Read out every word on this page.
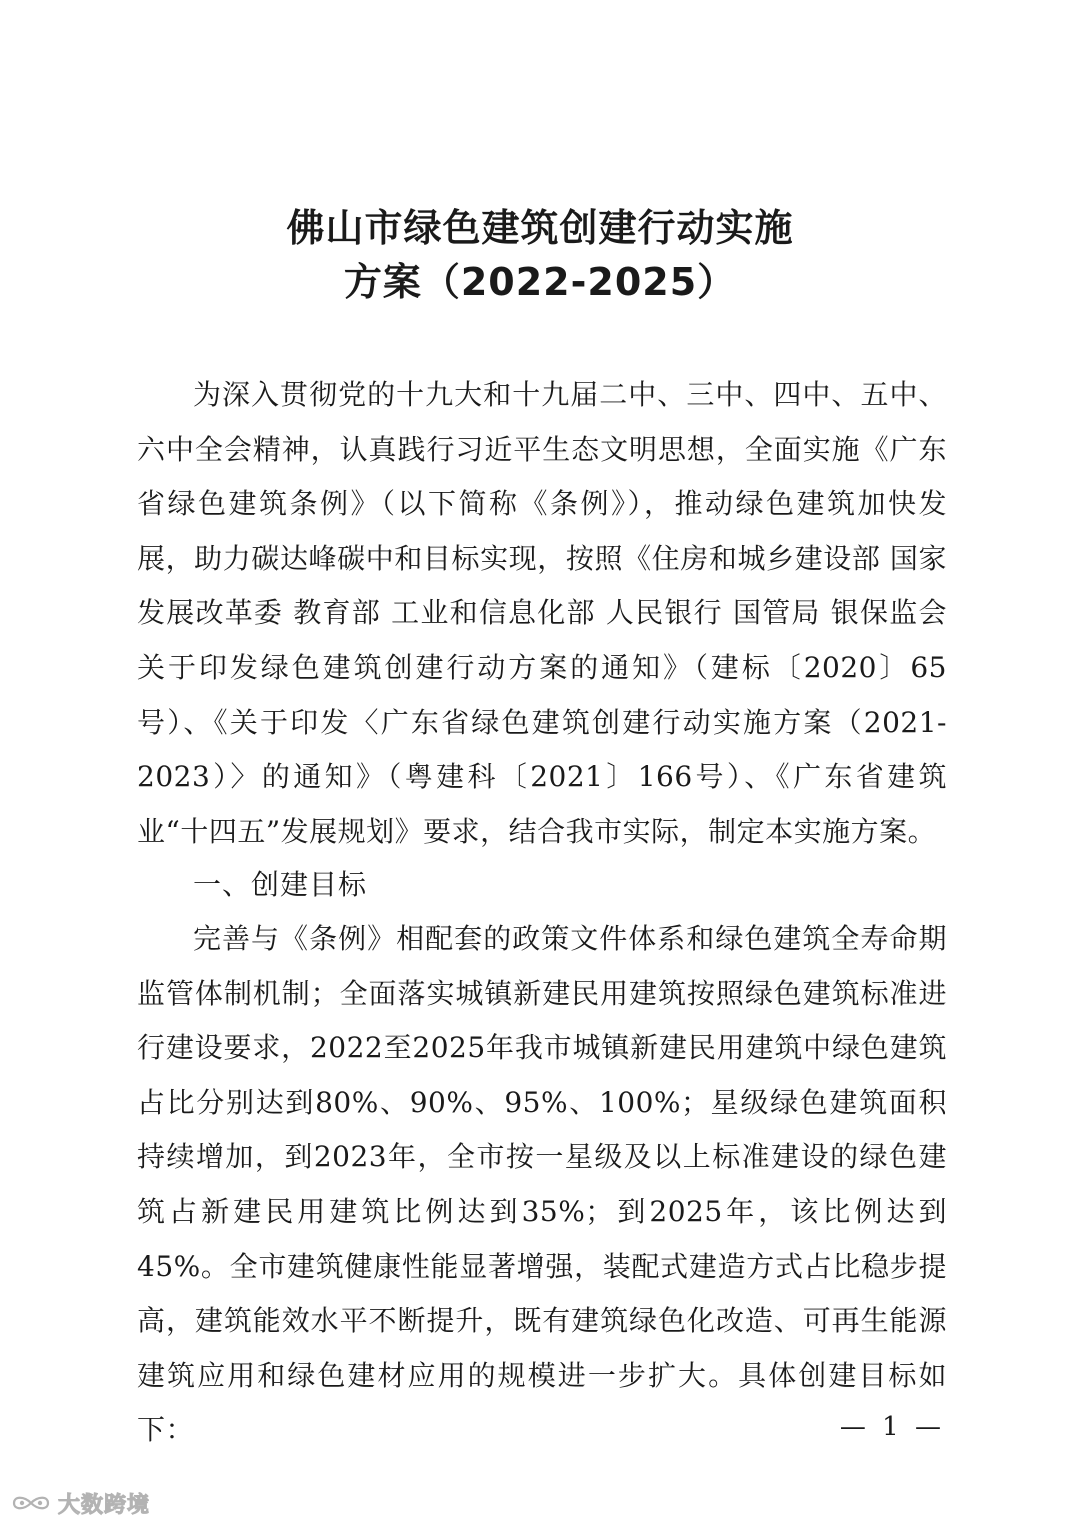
佛山市绿色建筑创建行动实施
方案（2022-2025）
为深入贯彻党的十九大和十九届二中、三中、四中、五中、六中全会精神，认真践行习近平生态文明思想，全面实施《广东省绿色建筑条例》（以下简称《条例》），推动绿色建筑加快发展，助力碳达峰碳中和目标实现，按照《住房和城乡建设部 国家发展改革委 教育部 工业和信息化部 人民银行 国管局 银保监会关于印发绿色建筑创建行动方案的通知》（建标〔2020〕65号）、《关于印发〈广东省绿色建筑创建行动实施方案（2021-2023）〉的通知》（粤建科〔2021〕166号）、《广东省建筑业“十四五”发展规划》要求，结合我市实际，制定本实施方案。
一、创建目标
完善与《条例》相配套的政策文件体系和绿色建筑全寿命期监管体制机制；全面落实城镇新建民用建筑按照绿色建筑标准进行建设要求，2022至2025年我市城镇新建民用建筑中绿色建筑占比分别达到80%、90%、95%、100%；星级绿色建筑面积持续增加，到2023年，全市按一星级及以上标准建设的绿色建筑占新建民用建筑比例达到35%；到2025年，该比例达到45%。全市建筑健康性能显著增强，装配式建造方式占比稳步提高，建筑能效水平不断提升，既有建筑绿色化改造、可再生能源建筑应用和绿色建材应用的规模进一步扩大。具体创建目标如下：	— 1 —
大数跨境
